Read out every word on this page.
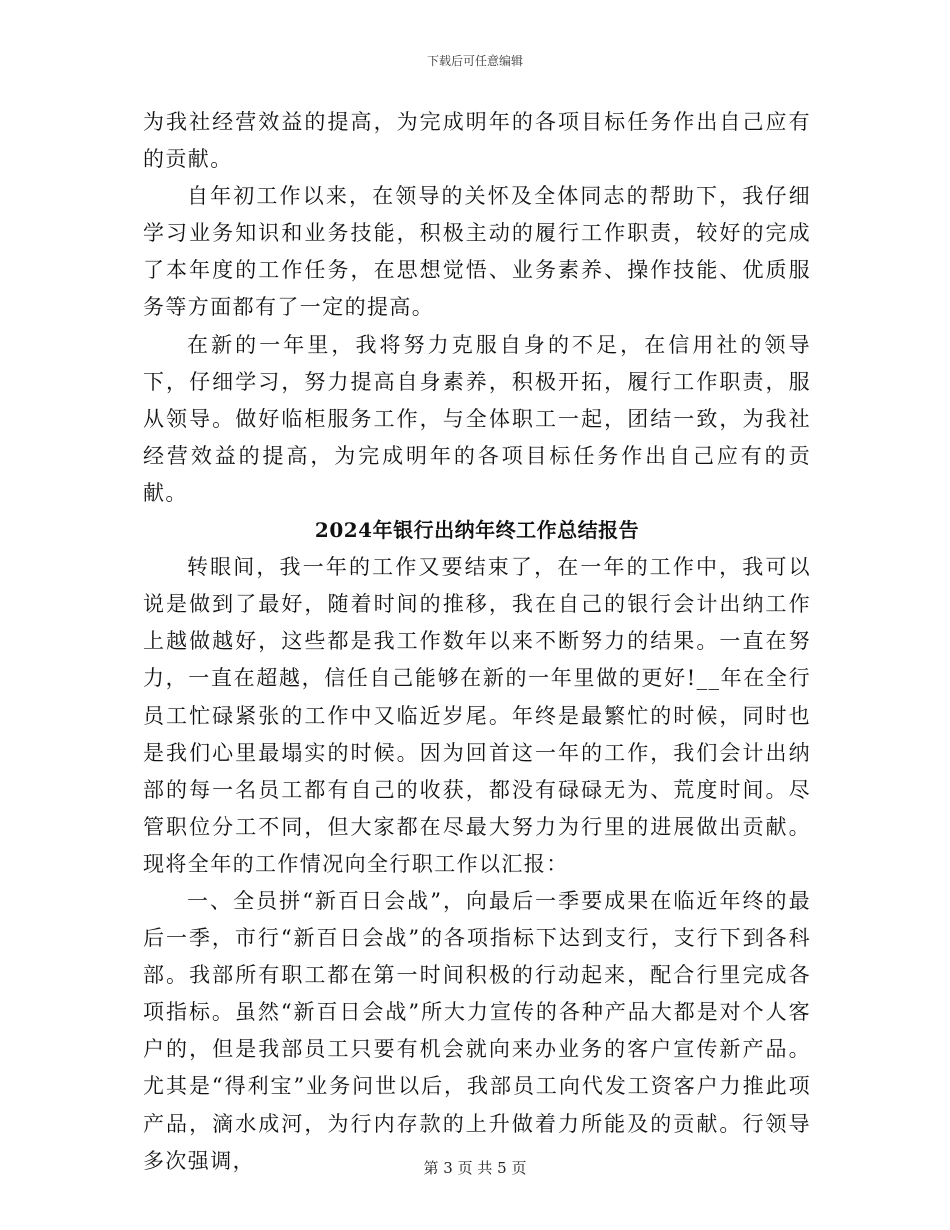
下载后可任意编辑

为我社经营效益的提高，为完成明年的各项目标任务作出自己应有的贡献。

自年初工作以来，在领导的关怀及全体同志的帮助下，我仔细学习业务知识和业务技能，积极主动的履行工作职责，较好的完成了本年度的工作任务，在思想觉悟、业务素养、操作技能、优质服务等方面都有了一定的提高。

在新的一年里，我将努力克服自身的不足，在信用社的领导下，仔细学习，努力提高自身素养，积极开拓，履行工作职责，服从领导。做好临柜服务工作，与全体职工一起，团结一致，为我社经营效益的提高，为完成明年的各项目标任务作出自己应有的贡献。

2024年银行出纳年终工作总结报告

转眼间，我一年的工作又要结束了，在一年的工作中，我可以说是做到了最好，随着时间的推移，我在自己的银行会计出纳工作上越做越好，这些都是我工作数年以来不断努力的结果。一直在努力，一直在超越，信任自己能够在新的一年里做的更好!__年在全行员工忙碌紧张的工作中又临近岁尾。年终是最繁忙的时候，同时也是我们心里最塌实的时候。因为回首这一年的工作，我们会计出纳部的每一名员工都有自己的收获，都没有碌碌无为、荒度时间。尽管职位分工不同，但大家都在尽最大努力为行里的进展做出贡献。现将全年的工作情况向全行职工作以汇报：

一、全员拼“新百日会战”，向最后一季要成果在临近年终的最后一季，市行“新百日会战”的各项指标下达到支行，支行下到各科部。我部所有职工都在第一时间积极的行动起来，配合行里完成各项指标。虽然“新百日会战”所大力宣传的各种产品大都是对个人客户的，但是我部员工只要有机会就向来办业务的客户宣传新产品。尤其是“得利宝”业务问世以后，我部员工向代发工资客户力推此项产品，滴水成河，为行内存款的上升做着力所能及的贡献。行领导多次强调，	第 3 页 共 5 页
